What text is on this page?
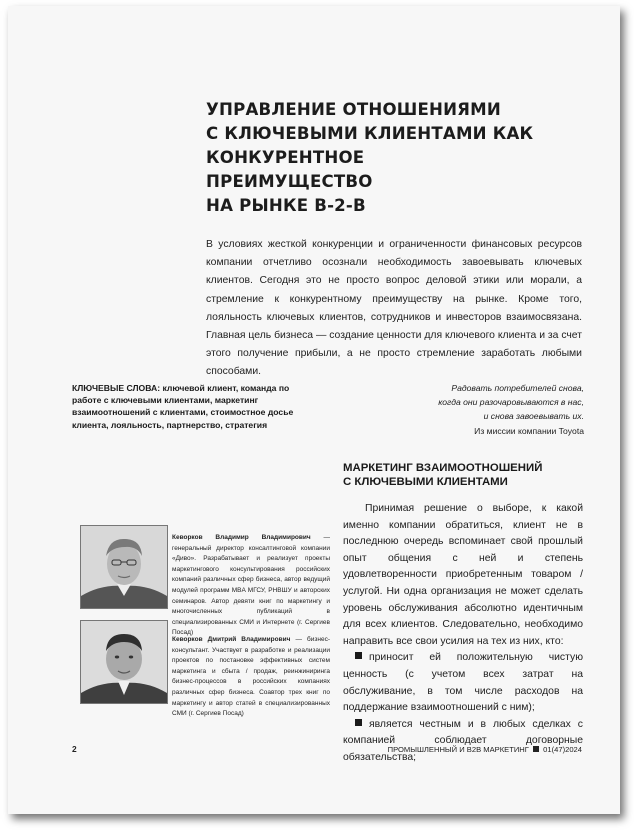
УПРАВЛЕНИЕ ОТНОШЕНИЯМИ
С КЛЮЧЕВЫМИ КЛИЕНТАМИ КАК
КОНКУРЕНТНОЕ ПРЕИМУЩЕСТВО
НА РЫНКЕ В-2-В

В условиях жесткой конкуренции и ограниченности финансовых ресурсов компании отчетливо осознали необходимость завоевывать ключевых клиентов. Сегодня это не просто вопрос деловой этики или морали, а стремление к конкурентному преимуществу на рынке. Кроме того, лояльность ключевых клиентов, сотрудников и инвесторов взаимосвязана. Главная цель бизнеса — создание ценности для ключевого клиента и за счет этого получение прибыли, а не просто стремление заработать любыми способами.

КЛЮЧЕВЫЕ СЛОВА: ключевой клиент, команда по работе с ключевыми клиентами, маркетинг взаимоотношений с клиентами, стоимостное досье клиента, лояльность, партнерство, стратегия

Радовать потребителей снова,
когда они разочаровываются в нас,
и снова завоевывать их.
Из миссии компании Toyota
МАРКЕТИНГ ВЗАИМООТНОШЕНИЙ
С КЛЮЧЕВЫМИ КЛИЕНТАМИ

Принимая решение о выборе, к какой именно компании обратиться, клиент не в последнюю очередь вспоминает свой прошлый опыт общения с ней и степень удовлетворенности приобретенным товаром / услугой. Ни одна организация не может сделать уровень обслуживания абсолютно идентичным для всех клиентов. Следовательно, необходимо направить все свои усилия на тех из них, кто:

приносит ей положительную чистую ценность (с учетом всех затрат на обслуживание, в том числе расходов на поддержание взаимоотношений с ним);

является честным и в любых сделках с компанией соблюдает договорные обязательства;

Кеворков Владимир Владимирович — генеральный директор консалтинговой компании «Диво». Разрабатывает и реализует проекты маркетингового консультирования российских компаний различных сфер бизнеса, автор ведущий модулей программ MBA МГСУ, РНВШУ и авторских семинаров. Автор девяти книг по маркетингу и многочисленных публикаций в специализированных СМИ и Интернете (г. Сергиев Посад)
Кеворков Дмитрий Владимирович — бизнес-консультант. Участвует в разработке и реализации проектов по постановке эффективных систем маркетинга и сбыта / продаж, реинжиниринга бизнес-процессов в российских компаниях различных сфер бизнеса. Соавтор трех книг по маркетингу и автор статей в специализированных СМИ (г. Сергиев Посад)
2	ПРОМЫШЛЕННЫЙ И B2B МАРКЕТИНГ 01(47)2024
